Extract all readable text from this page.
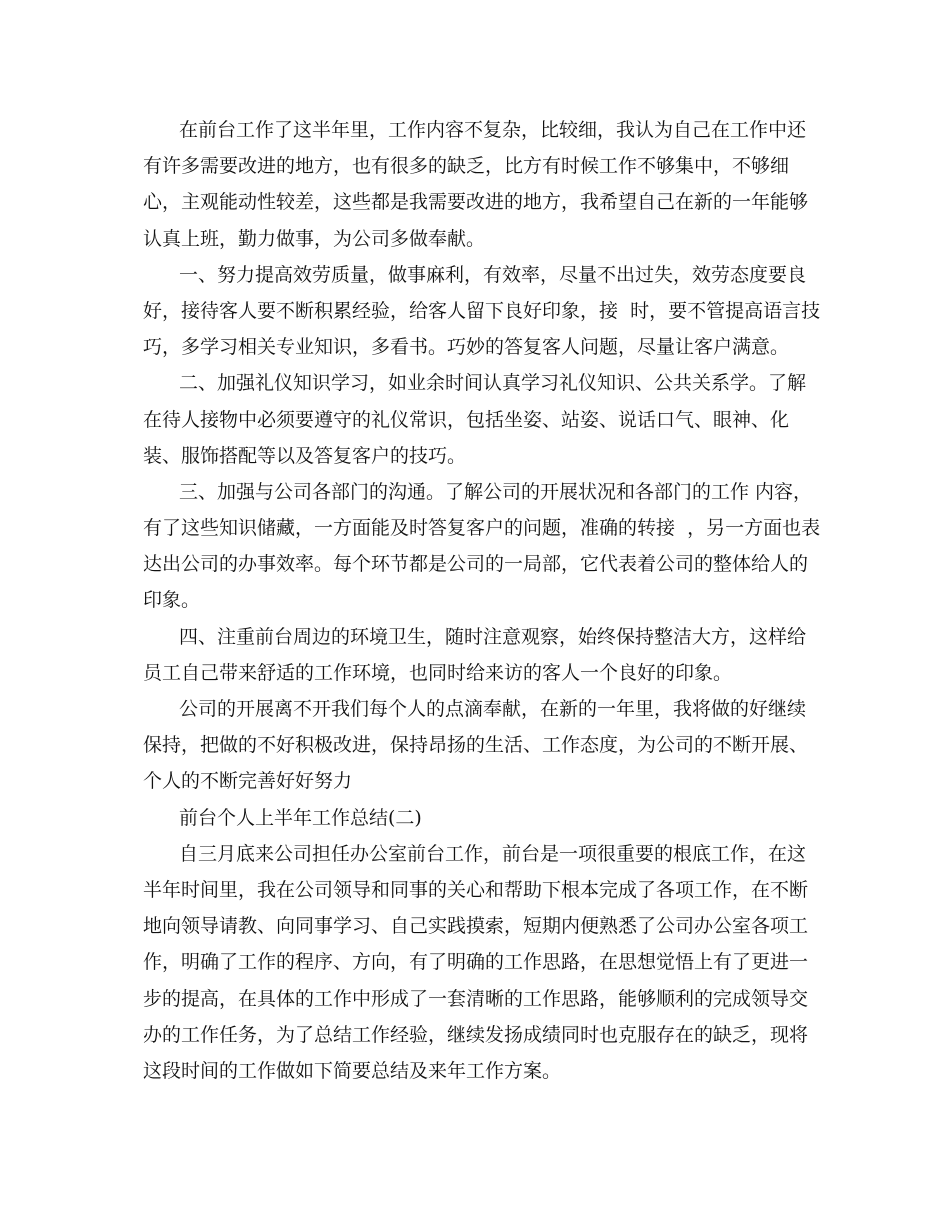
在前台工作了这半年里，工作内容不复杂，比较细，我认为自己在工作中还
有许多需要改进的地方，也有很多的缺乏，比方有时候工作不够集中，不够细
心，主观能动性较差，这些都是我需要改进的地方，我希望自己在新的一年能够
认真上班，勤力做事，为公司多做奉献。
一、努力提高效劳质量，做事麻利，有效率，尽量不出过失，效劳态度要良
好，接待客人要不断积累经验，给客人留下良好印象，接  时，要不管提高语言技
巧，多学习相关专业知识，多看书。巧妙的答复客人问题，尽量让客户满意。
二、加强礼仪知识学习，如业余时间认真学习礼仪知识、公共关系学。了解
在待人接物中必须要遵守的礼仪常识，包括坐姿、站姿、说话口气、眼神、化
装、服饰搭配等以及答复客户的技巧。
三、加强与公司各部门的沟通。了解公司的开展状况和各部门的工作 内容，
有了这些知识储藏，一方面能及时答复客户的问题，准确的转接  ，另一方面也表
达出公司的办事效率。每个环节都是公司的一局部，它代表着公司的整体给人的
印象。
四、注重前台周边的环境卫生，随时注意观察，始终保持整洁大方，这样给
员工自己带来舒适的工作环境，也同时给来访的客人一个良好的印象。
公司的开展离不开我们每个人的点滴奉献，在新的一年里，我将做的好继续
保持，把做的不好积极改进，保持昂扬的生活、工作态度，为公司的不断开展、
个人的不断完善好好努力
前台个人上半年工作总结(二)
自三月底来公司担任办公室前台工作，前台是一项很重要的根底工作，在这
半年时间里，我在公司领导和同事的关心和帮助下根本完成了各项工作，在不断
地向领导请教、向同事学习、自己实践摸索，短期内便熟悉了公司办公室各项工
作，明确了工作的程序、方向，有了明确的工作思路，在思想觉悟上有了更进一
步的提高，在具体的工作中形成了一套清晰的工作思路，能够顺利的完成领导交
办的工作任务，为了总结工作经验，继续发扬成绩同时也克服存在的缺乏，现将
这段时间的工作做如下简要总结及来年工作方案。
